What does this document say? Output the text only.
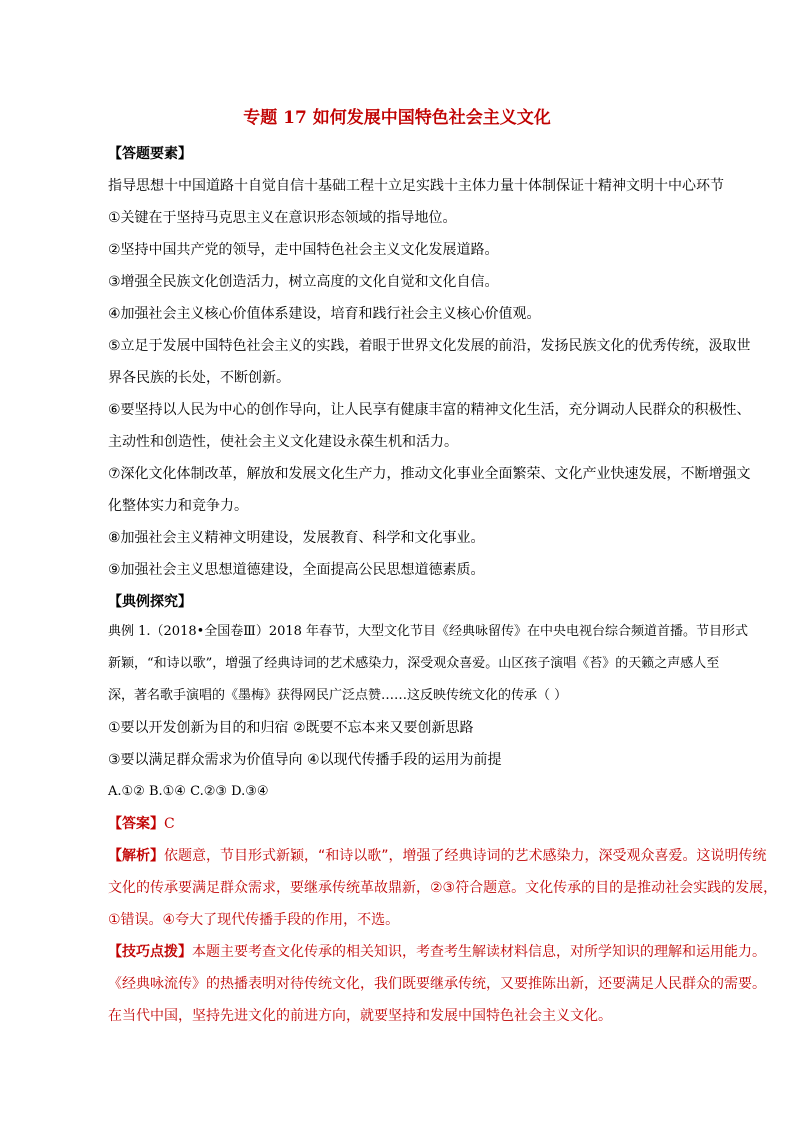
专题 17 如何发展中国特色社会主义文化
【答题要素】
指导思想十中国道路十自觉自信十基础工程十立足实践十主体力量十体制保证十精神文明十中心环节
①关键在于坚持马克思主义在意识形态领域的指导地位。
②坚持中国共产党的领导，走中国特色社会主义文化发展道路。
③增强全民族文化创造活力，树立高度的文化自觉和文化自信。
④加强社会主义核心价值体系建设，培育和践行社会主义核心价值观。
⑤立足于发展中国特色社会主义的实践，着眼于世界文化发展的前沿，发扬民族文化的优秀传统，汲取世
界各民族的长处，不断创新。
⑥要坚持以人民为中心的创作导向，让人民享有健康丰富的精神文化生活，充分调动人民群众的积极性、
主动性和创造性，使社会主义文化建设永葆生机和活力。
⑦深化文化体制改革，解放和发展文化生产力，推动文化事业全面繁荣、文化产业快速发展，不断增强文
化整体实力和竞争力。
⑧加强社会主义精神文明建设，发展教育、科学和文化事业。
⑨加强社会主义思想道德建设，全面提高公民思想道德素质。
【典例探究】
典例 1.（2018•全国卷Ⅲ）2018 年春节，大型文化节目《经典咏留传》在中央电视台综合频道首播。节目形式
新颖，“和诗以歌”，增强了经典诗词的艺术感染力，深受观众喜爱。山区孩子演唱《苔》的天籁之声感人至
深，著名歌手演唱的《墨梅》获得网民广泛点赞……这反映传统文化的传承（ ）
①要以开发创新为目的和归宿 ②既要不忘本来又要创新思路
③要以满足群众需求为价值导向 ④以现代传播手段的运用为前提
A.①② B.①④ C.②③ D.③④
【答案】C
【解析】依题意，节目形式新颖，“和诗以歌”，增强了经典诗词的艺术感染力，深受观众喜爱。这说明传统
文化的传承要满足群众需求，要继承传统革故鼎新，②③符合题意。文化传承的目的是推动社会实践的发展，
①错误。④夸大了现代传播手段的作用，不选。
【技巧点拨】本题主要考查文化传承的相关知识，考查考生解读材料信息，对所学知识的理解和运用能力。
《经典咏流传》的热播表明对待传统文化，我们既要继承传统，又要推陈出新，还要满足人民群众的需要。
在当代中国，坚持先进文化的前进方向，就要坚持和发展中国特色社会主义文化。
